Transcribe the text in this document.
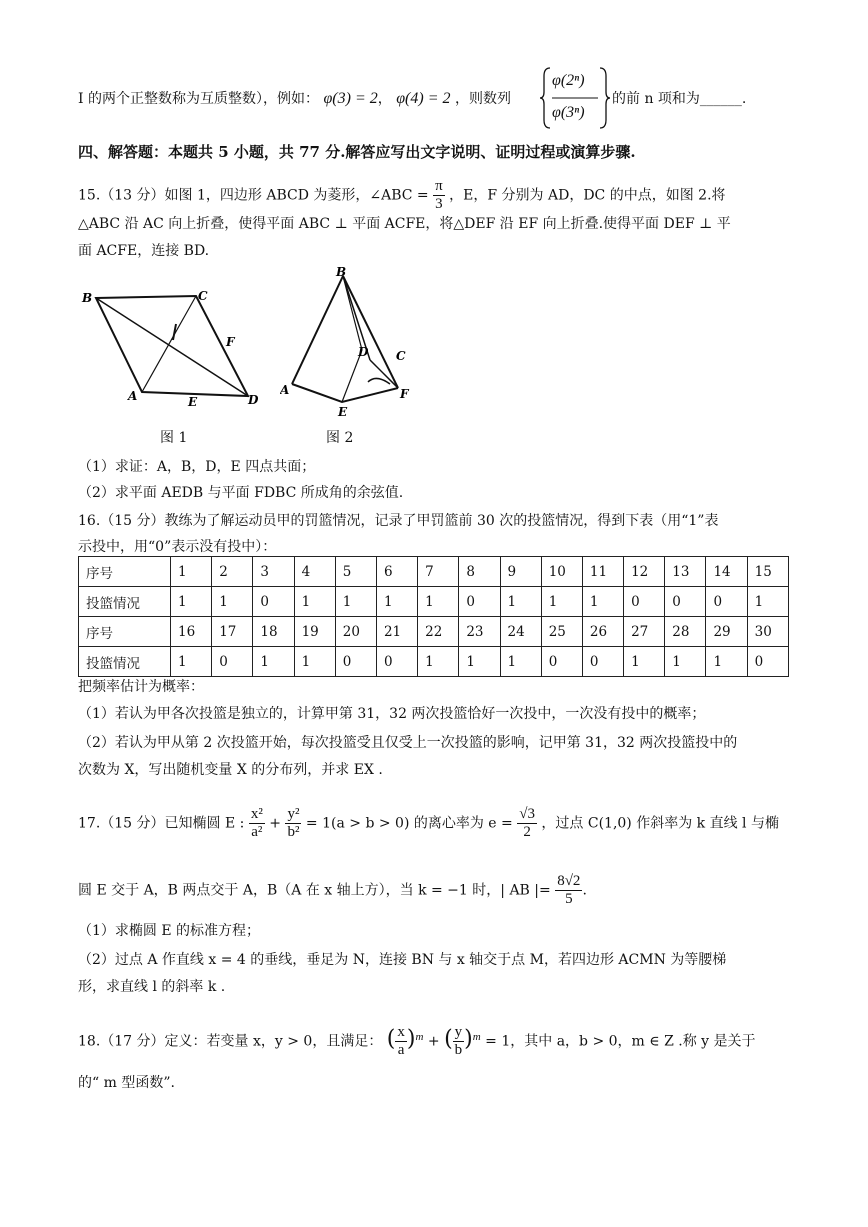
I 的两个正整数称为互质整数），例如： φ(3) = 2， φ(4) = 2 ，则数列
φ(2ⁿ)
φ(3ⁿ)
的前 n 项和为______.
四、解答题：本题共 5 小题，共 77 分.解答应写出文字说明、证明过程或演算步骤.
15.（13 分）如图 1，四边形 ABCD 为菱形，∠ABC = $\frac{\pi}{3}$ ，E，F 分别为 AD，DC 的中点，如图 2.将
△ABC 沿 AC 向上折叠，使得平面 ABC ⊥ 平面 ACFE，将△DEF 沿 EF 向上折叠.使得平面 DEF ⊥ 平
面 ACFE，连接 BD.
B	C
F
A	E	D
图 1
B
C
D
A
E
F
图 2
（1）求证：A，B，D，E 四点共面；
（2）求平面 AEDB 与平面 FDBC 所成角的余弦值.
16.（15 分）教练为了解运动员甲的罚篮情况，记录了甲罚篮前 30 次的投篮情况，得到下表（用“1”表
示投中，用“0”表示没有投中）：
序号	1	2	3	4	5	6	7	8	9	10	11	12	13	14	15
投篮情况	1	1	0	1	1	1	1	0	1	1	1	0	0	0	1
序号	16	17	18	19	20	21	22	23	24	25	26	27	28	29	30
投篮情况	1	0	1	1	0	0	1	1	1	0	0	1	1	1	0
把频率估计为概率：
（1）若认为甲各次投篮是独立的，计算甲第 31，32 两次投篮恰好一次投中，一次没有投中的概率；
（2）若认为甲从第 2 次投篮开始，每次投篮受且仅受上一次投篮的影响，记甲第 31，32 两次投篮投中的
次数为 X，写出随机变量 X 的分布列，并求 EX .
17.（15 分）已知椭圆 E : $\frac{\text{x²}}{\text{a²}} + \frac{\text{y²}}{\text{b²}} = 1(a > b > 0)$ 的离心率为 $e = \frac{√3}{2}$ ，过点 C(1,0) 作斜率为 k 直线 l 与椭
圆 E 交于 A，B 两点交于 A，B（A 在 x 轴上方），当 k = −1 时，| AB |= $\frac{8√2}{5}$ .
（1）求椭圆 E 的标准方程；
（2）过点 A 作直线 x = 4 的垂线，垂足为 N，连接 BN 与 x 轴交于点 M，若四边形 ACMN 为等腰梯
形，求直线 l 的斜率 k .
18.（17 分）定义：若变量 x，y > 0，且满足： ( $\frac{x}{a} )^m$ + ( $\frac{y}{b} )^m = 1$，其中 a，b > 0，m ∈ Z .称 y 是关于
的“ m 型函数”.
